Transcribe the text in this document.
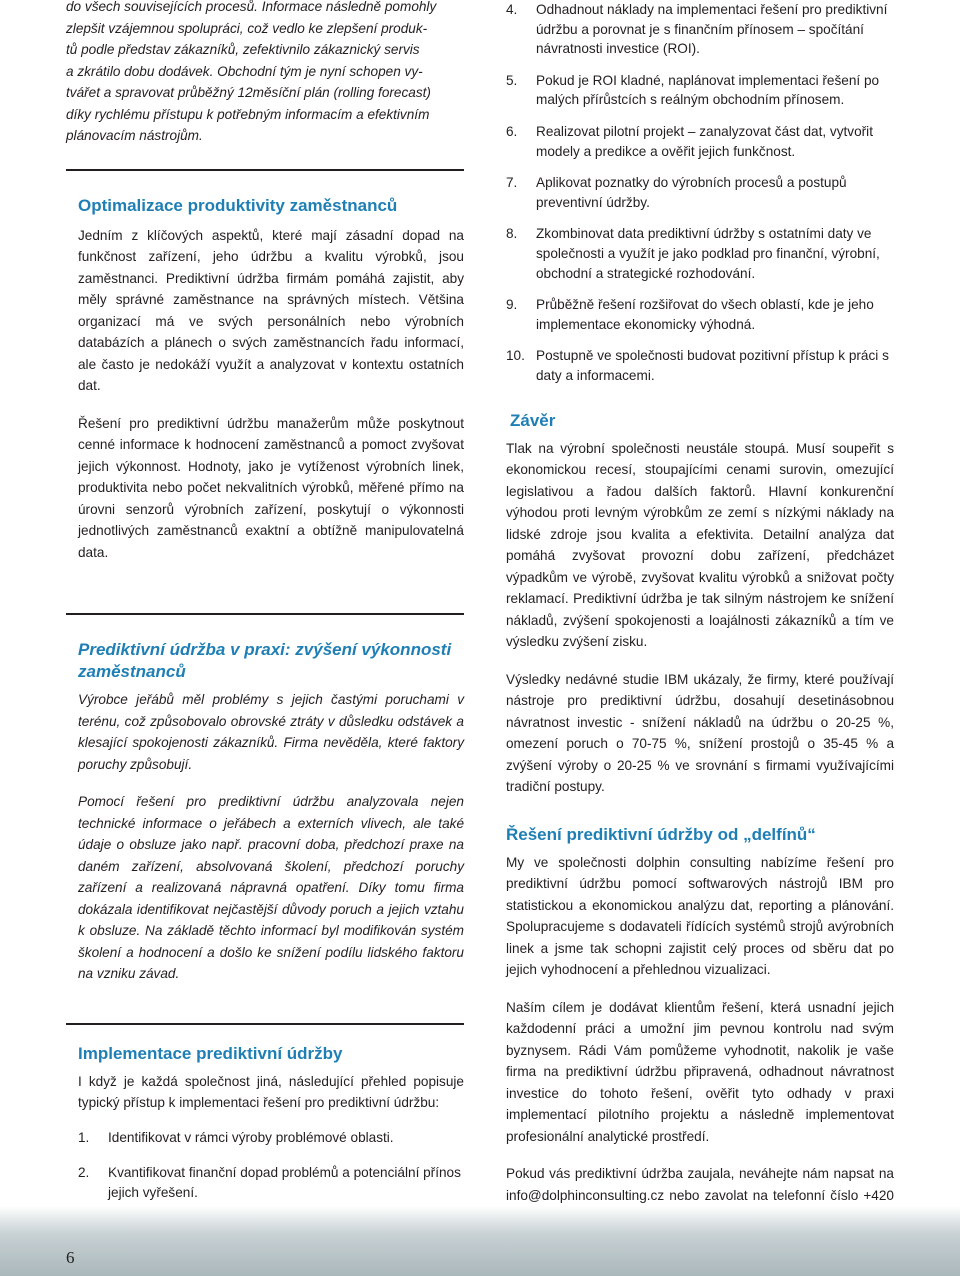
do všech souvisejících procesů. Informace následně pomohly
zlepšit vzájemnou spolupráci, což vedlo ke zlepšení produk-
tů podle představ zákazníků, zefektivnilo zákaznický servis
a zkrátilo dobu dodávek. Obchodní tým je nyní schopen vy-
tvářet a spravovat průběžný 12měsíční plán (rolling forecast)
díky rychlému přístupu k potřebným informacím a efektivním
plánovacím nástrojům.

Optimalizace produktivity zaměstnanců

Jedním z klíčových aspektů, které mají zásadní dopad na funkčnost zařízení, jeho údržbu a kvalitu výrobků, jsou zaměstnanci. Prediktivní údržba firmám pomáhá zajistit, aby měly správné zaměstnance na správných místech. Většina organizací má ve svých personálních nebo výrobních databázích a plánech o svých zaměstnancích řadu informací, ale často je nedokáží využít a analyzovat v kontextu ostatních dat.

Řešení pro prediktivní údržbu manažerům může poskytnout cenné informace k hodnocení zaměstnanců a pomoct zvyšovat jejich výkonnost. Hodnoty, jako je vytíženost výrobních linek, produktivita nebo počet nekvalitních výrobků, měřené přímo na úrovni senzorů výrobních zařízení, poskytují o výkonnosti jednotlivých zaměstnanců exaktní a obtížně manipulovatelná data.

Prediktivní údržba v praxi: zvýšení výkonnosti
zaměstnanců

Výrobce jeřábů měl problémy s jejich častými poruchami v terénu, což způsobovalo obrovské ztráty v důsledku odstávek a klesající spokojenosti zákazníků. Firma nevěděla, které faktory poruchy způsobují.

Pomocí řešení pro prediktivní údržbu analyzovala nejen technické informace o jeřábech a externích vlivech, ale také údaje o obsluze jako např. pracovní doba, předchozí praxe na daném zařízení, absolvovaná školení, předchozí poruchy zařízení a realizovaná nápravná opatření. Díky tomu firma dokázala identifikovat nejčastější důvody poruch a jejich vztahu k obsluze. Na základě těchto informací byl modifikován systém školení a hodnocení a došlo ke snížení podílu lidského faktoru na vzniku závad.

Implementace prediktivní údržby

I když je každá společnost jiná, následující přehled popisuje typický přístup k implementaci řešení pro prediktivní údržbu:

1. Identifikovat v rámci výroby problémové oblasti.
2. Kvantifikovat finanční dopad problémů a potenciální přínos jejich vyřešení.
4. Odhadnout náklady na implementaci řešení pro prediktivní údržbu a porovnat je s finančním přínosem – spočítání návratnosti investice (ROI).
5. Pokud je ROI kladné, naplánovat implementaci řešení po malých přírůstcích s reálným obchodním přínosem.
6. Realizovat pilotní projekt – zanalyzovat část dat, vytvořit modely a predikce a ověřit jejich funkčnost.
7. Aplikovat poznatky do výrobních procesů a postupů preventivní údržby.
8. Zkombinovat data prediktivní údržby s ostatními daty ve společnosti a využít je jako podklad pro finanční, výrobní, obchodní a strategické rozhodování.
9. Průběžně řešení rozšiřovat do všech oblastí, kde je jeho implementace ekonomicky výhodná.
10. Postupně ve společnosti budovat pozitivní přístup k práci s daty a informacemi.
Závěr

Tlak na výrobní společnosti neustále stoupá. Musí soupeřit s ekonomickou recesí, stoupajícími cenami surovin, omezující legislativou a řadou dalších faktorů. Hlavní konkurenční výhodou proti levným výrobkům ze zemí s nízkými náklady na lidské zdroje jsou kvalita a efektivita. Detailní analýza dat pomáhá zvyšovat provozní dobu zařízení, předcházet výpadkům ve výrobě, zvyšovat kvalitu výrobků a snižovat počty reklamací. Prediktivní údržba je tak silným nástrojem ke snížení nákladů, zvýšení spokojenosti a loajálnosti zákazníků a tím ve výsledku zvýšení zisku.

Výsledky nedávné studie IBM ukázaly, že firmy, které používají nástroje pro prediktivní údržbu, dosahují desetinásobnou návratnost investic - snížení nákladů na údržbu o 20-25 %, omezení poruch o 70-75 %, snížení prostojů o 35-45 % a zvýšení výroby o 20-25 % ve srovnání s firmami využívajícími tradiční postupy.

Řešení prediktivní údržby od „delfínů“

My ve společnosti dolphin consulting nabízíme řešení pro prediktivní údržbu pomocí softwarových nástrojů IBM pro statistickou a ekonomickou analýzu dat, reporting a plánování. Spolupracujeme s dodavateli řídících systémů strojů avýrobních linek a jsme tak schopni zajistit celý proces od sběru dat po jejich vyhodnocení a přehlednou vizualizaci.

Naším cílem je dodávat klientům řešení, která usnadní jejich každodenní práci a umožní jim pevnou kontrolu nad svým byznysem. Rádi Vám pomůžeme vyhodnotit, nakolik je vaše firma na prediktivní údržbu připravená, odhadnout návratnost investice do tohoto řešení, ověřit tyto odhady v praxi implementací pilotního projektu a následně implementovat profesionální analytické prostředí.

Pokud vás prediktivní údržba zaujala, neváhejte nám napsat na info@dolphinconsulting.cz nebo zavolat na telefonní číslo +420

6
